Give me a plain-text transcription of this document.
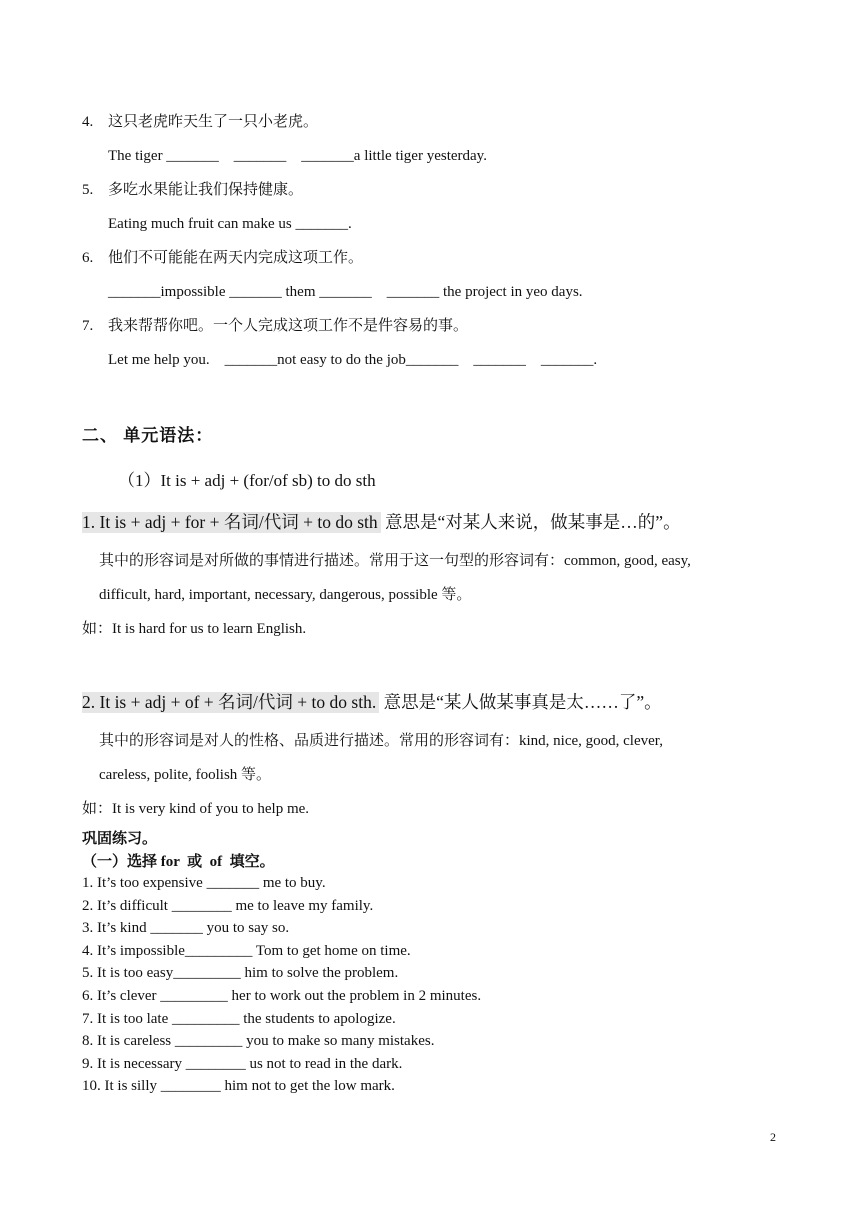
4. 这只老虎昨天生了一只小老虎。
The tiger _______    _______    _______a little tiger yesterday.
5. 多吃水果能让我们保持健康。
Eating much fruit can make us _______.
6. 他们不可能能在两天内完成这项工作。
_______impossible _______ them _______    _______ the project in yeo days.
7. 我来帮帮你吧。一个人完成这项工作不是件容易的事。
Let me help you.    _______not easy to do the job_______    _______    _______.
二、 单元语法：
（1）It is + adj + (for/of sb) to do sth
1. It is + adj + for + 名词/代词 + to do sth 意思是“对某人来说，做某事是…的”。
其中的形容词是对所做的事情进行描述。常用于这一句型的形容词有：common, good, easy,
difficult, hard, important, necessary, dangerous, possible 等。
如：It is hard for us to learn English.
2. It is + adj + of + 名词/代词 + to do sth. 意思是“某人做某事真是太……了”。
其中的形容词是对人的性格、品质进行描述。常用的形容词有：kind, nice, good, clever,
careless, polite, foolish 等。
如：It is very kind of you to help me.
巩固练习。
（一）选择 for  或  of  填空。
1. It’s too expensive _______ me to buy.
2. It’s difficult ________ me to leave my family.
3. It’s kind _______ you to say so.
4. It’s impossible_________ Tom to get home on time.
5. It is too easy_________ him to solve the problem.
6. It’s clever _________ her to work out the problem in 2 minutes.
7. It is too late _________ the students to apologize.
8. It is careless _________ you to make so many mistakes.
9. It is necessary ________ us not to read in the dark.
10. It is silly ________ him not to get the low mark.
2
